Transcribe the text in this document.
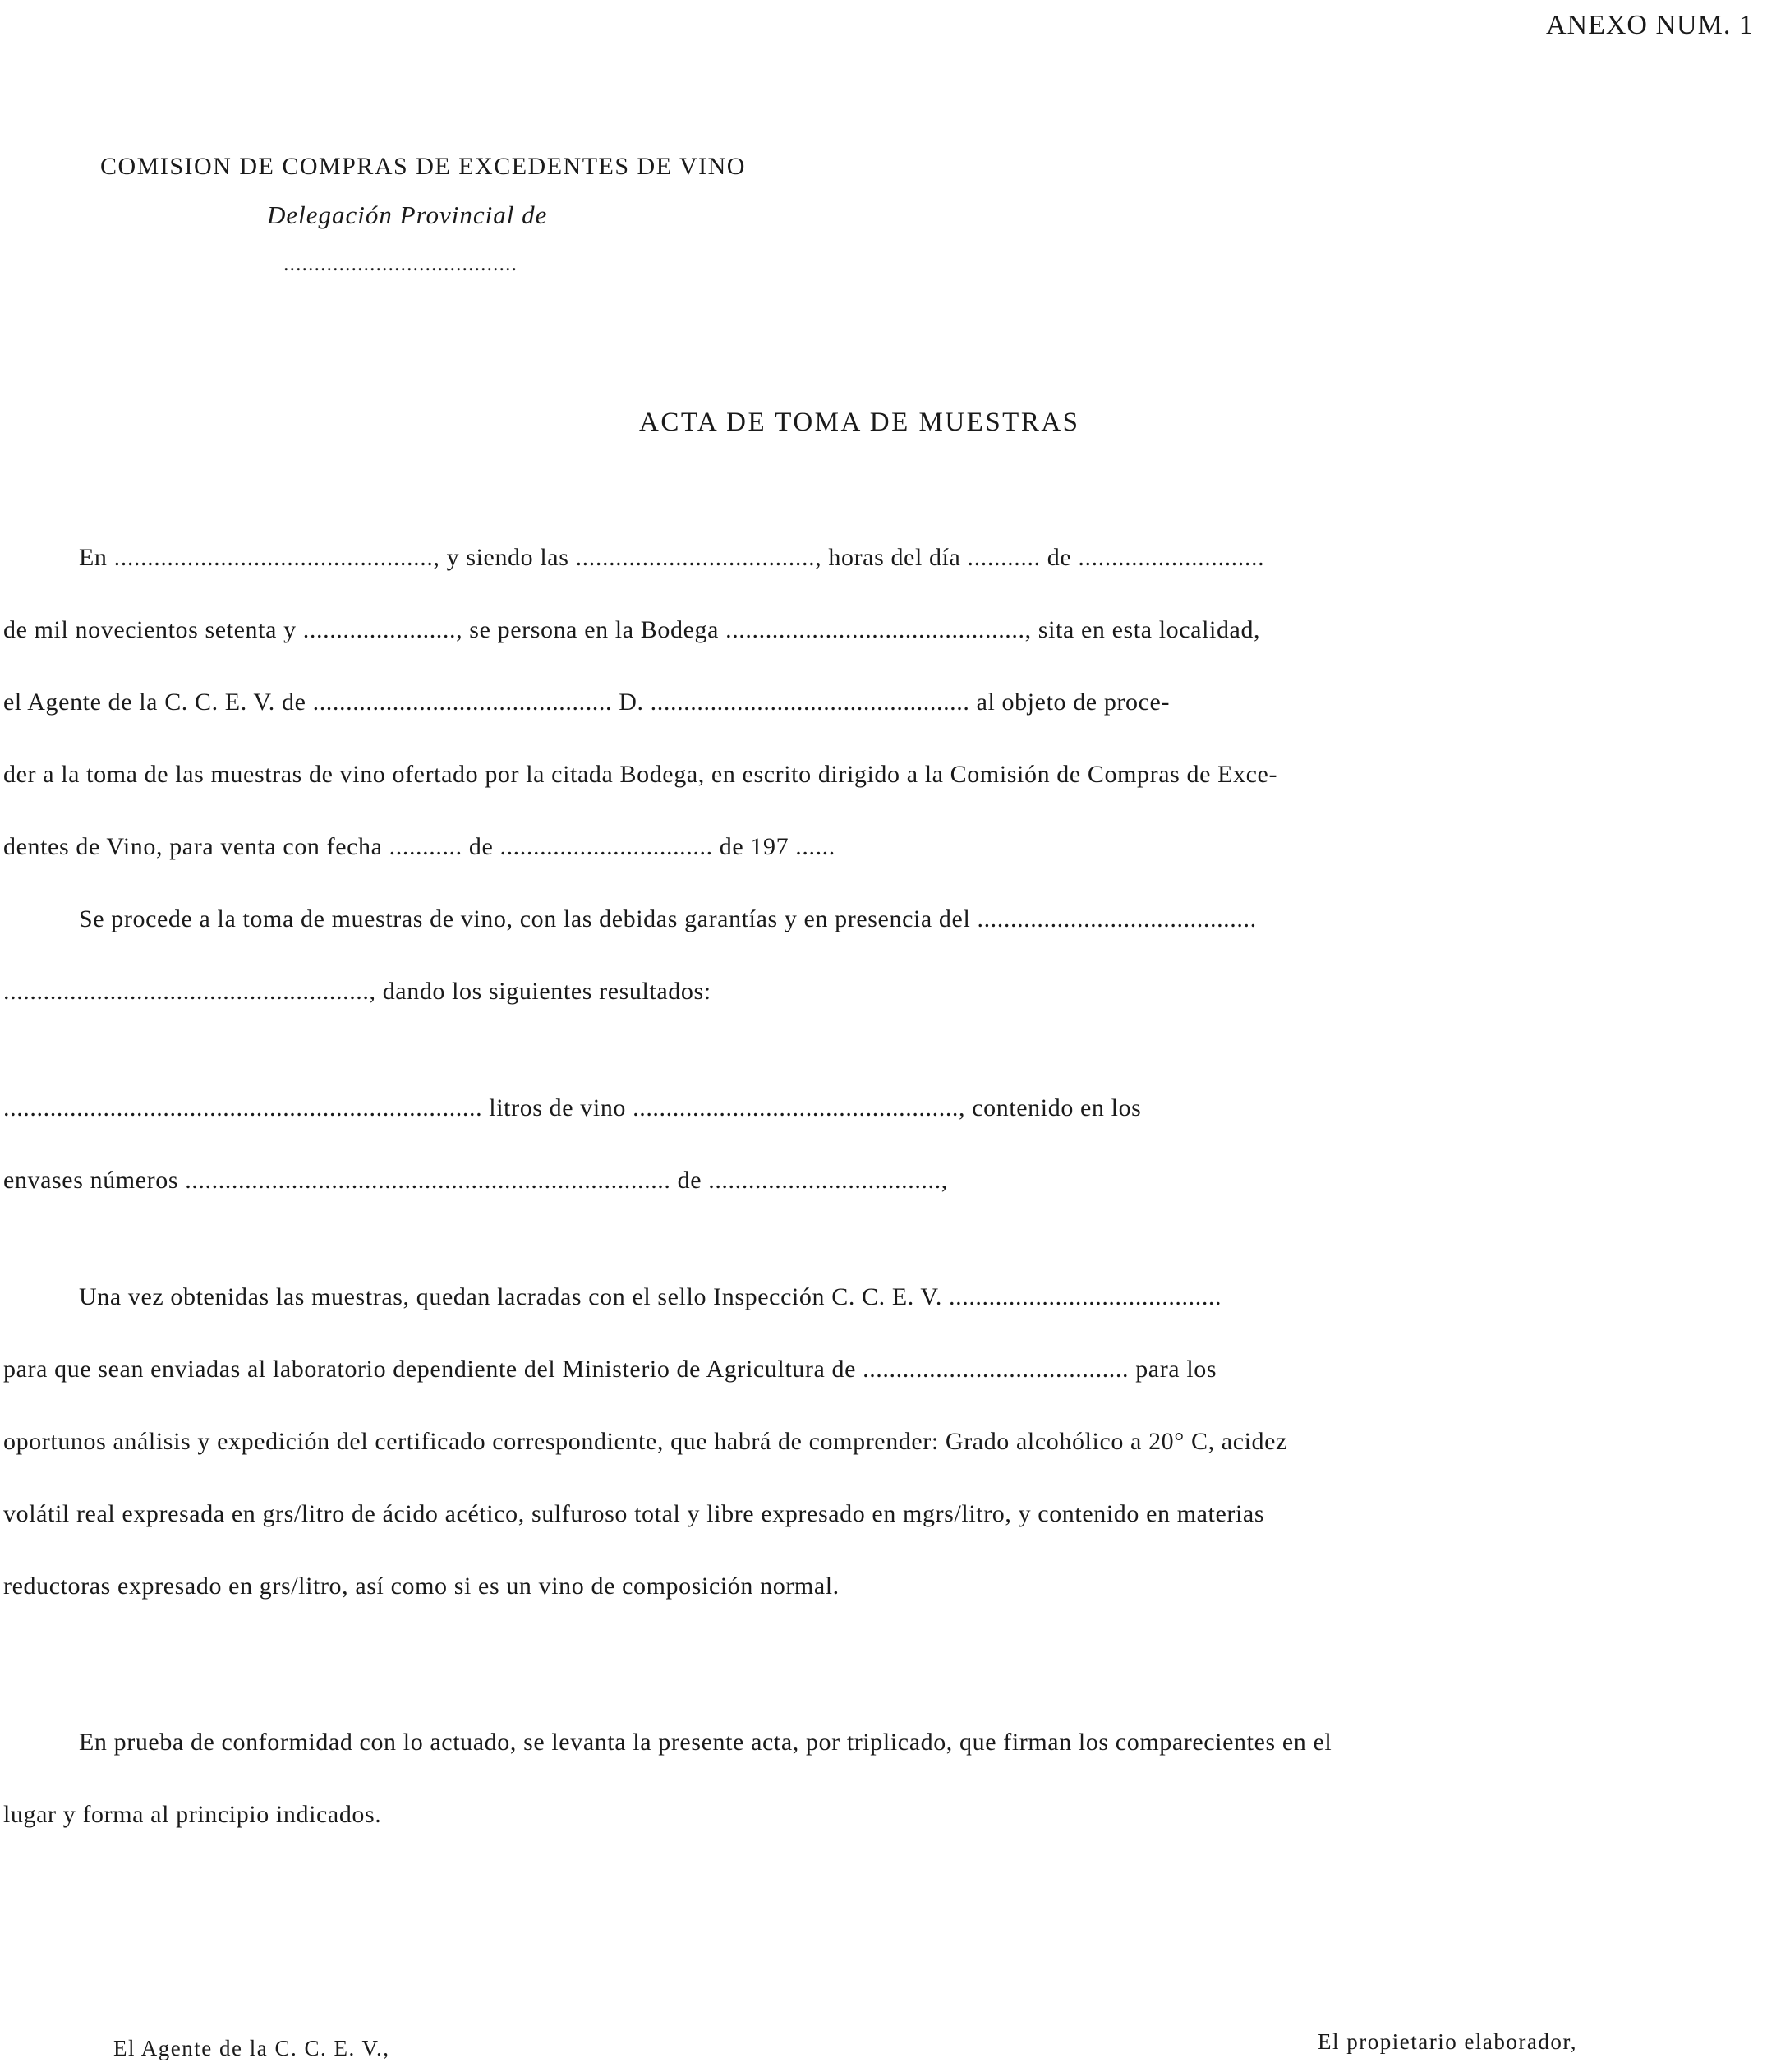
ANEXO NUM. 1
COMISION DE COMPRAS DE EXCEDENTES DE VINO
Delegación Provincial de
......................................
ACTA DE TOMA DE MUESTRAS
En ................................................, y siendo las ...................................., horas del día ........... de ............................
de mil novecientos setenta y ......................., se persona en la Bodega ............................................., sita en esta localidad,
el Agente de la C. C. E. V. de ............................................. D. ................................................ al objeto de proce-
der a la toma de las muestras de vino ofertado por la citada Bodega, en escrito dirigido a la Comisión de Compras de Exce-
dentes de Vino, para venta con fecha ........... de ................................ de 197 ......
Se procede a la toma de muestras de vino, con las debidas garantías y en presencia del ..........................................
......................................................., dando los siguientes resultados:
........................................................................ litros de vino ................................................., contenido en los
envases números ......................................................................... de ...................................,
Una vez obtenidas las muestras, quedan lacradas con el sello Inspección C. C. E. V. .........................................
para que sean enviadas al laboratorio dependiente del Ministerio de Agricultura de ........................................ para los
oportunos análisis y expedición del certificado correspondiente, que habrá de comprender: Grado alcohólico a 20° C, acidez
volátil real expresada en grs/litro de ácido acético, sulfuroso total y libre expresado en mgrs/litro, y contenido en materias
reductoras expresado en grs/litro, así como si es un vino de composición normal.
En prueba de conformidad con lo actuado, se levanta la presente acta, por triplicado, que firman los comparecientes en el
lugar y forma al principio indicados.
El Agente de la C. C. E. V.,	El propietario elaborador,
